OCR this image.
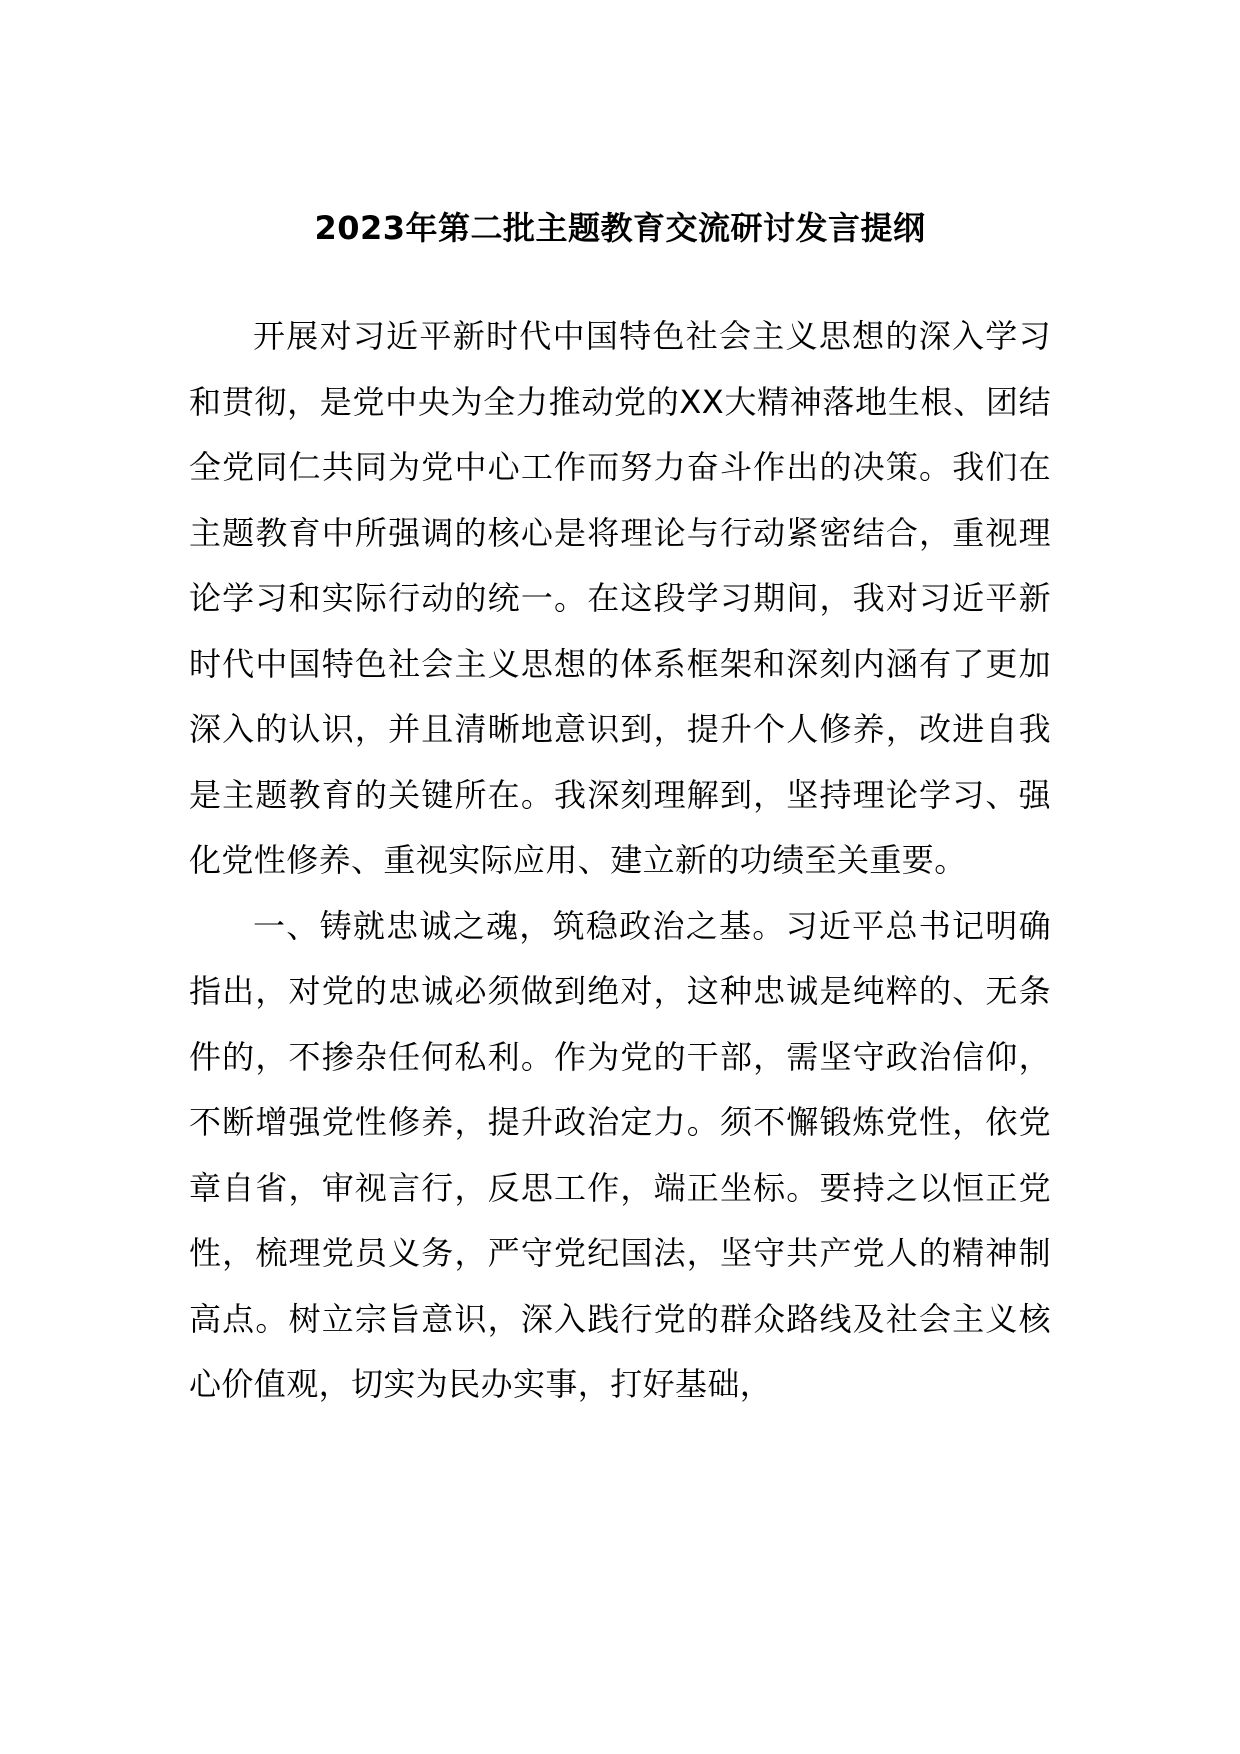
2023年第二批主题教育交流研讨发言提纲

开展对习近平新时代中国特色社会主义思想的深入学习和贯彻，是党中央为全力推动党的XX大精神落地生根、团结全党同仁共同为党中心工作而努力奋斗作出的决策。我们在主题教育中所强调的核心是将理论与行动紧密结合，重视理论学习和实际行动的统一。在这段学习期间，我对习近平新时代中国特色社会主义思想的体系框架和深刻内涵有了更加深入的认识，并且清晰地意识到，提升个人修养，改进自我是主题教育的关键所在。我深刻理解到，坚持理论学习、强化党性修养、重视实际应用、建立新的功绩至关重要。

一、铸就忠诚之魂，筑稳政治之基。习近平总书记明确指出，对党的忠诚必须做到绝对，这种忠诚是纯粹的、无条件的，不掺杂任何私利。作为党的干部，需坚守政治信仰，不断增强党性修养，提升政治定力。须不懈锻炼党性，依党章自省，审视言行，反思工作，端正坐标。要持之以恒正党性，梳理党员义务，严守党纪国法，坚守共产党人的精神制高点。树立宗旨意识，深入践行党的群众路线及社会主义核心价值观，切实为民办实事，打好基础，
